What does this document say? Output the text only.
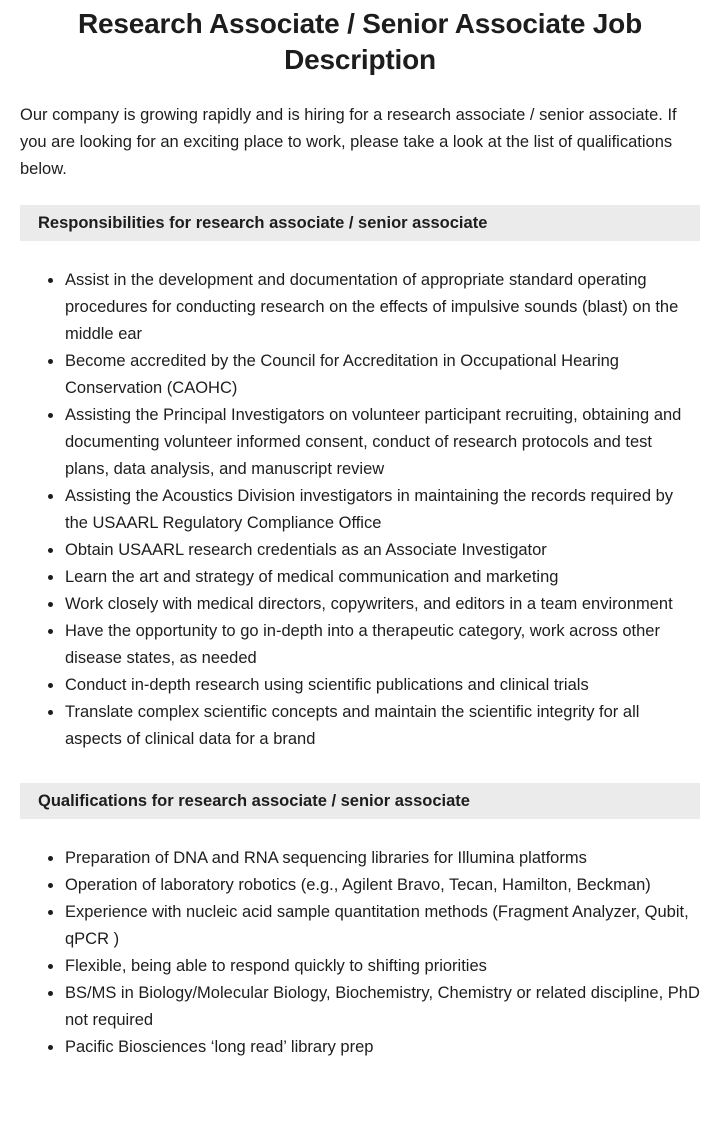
Research Associate / Senior Associate Job Description

Our company is growing rapidly and is hiring for a research associate / senior associate. If you are looking for an exciting place to work, please take a look at the list of qualifications below.

Responsibilities for research associate / senior associate
• Assist in the development and documentation of appropriate standard operating procedures for conducting research on the effects of impulsive sounds (blast) on the middle ear
• Become accredited by the Council for Accreditation in Occupational Hearing Conservation (CAOHC)
• Assisting the Principal Investigators on volunteer participant recruiting, obtaining and documenting volunteer informed consent, conduct of research protocols and test plans, data analysis, and manuscript review
• Assisting the Acoustics Division investigators in maintaining the records required by the USAARL Regulatory Compliance Office
• Obtain USAARL research credentials as an Associate Investigator
• Learn the art and strategy of medical communication and marketing
• Work closely with medical directors, copywriters, and editors in a team environment
• Have the opportunity to go in-depth into a therapeutic category, work across other disease states, as needed
• Conduct in-depth research using scientific publications and clinical trials
• Translate complex scientific concepts and maintain the scientific integrity for all aspects of clinical data for a brand
Qualifications for research associate / senior associate
• Preparation of DNA and RNA sequencing libraries for Illumina platforms
• Operation of laboratory robotics (e.g., Agilent Bravo, Tecan, Hamilton, Beckman)
• Experience with nucleic acid sample quantitation methods (Fragment Analyzer, Qubit, qPCR )
• Flexible, being able to respond quickly to shifting priorities
• BS/MS in Biology/Molecular Biology, Biochemistry, Chemistry or related discipline, PhD not required
• Pacific Biosciences ‘long read’ library prep
